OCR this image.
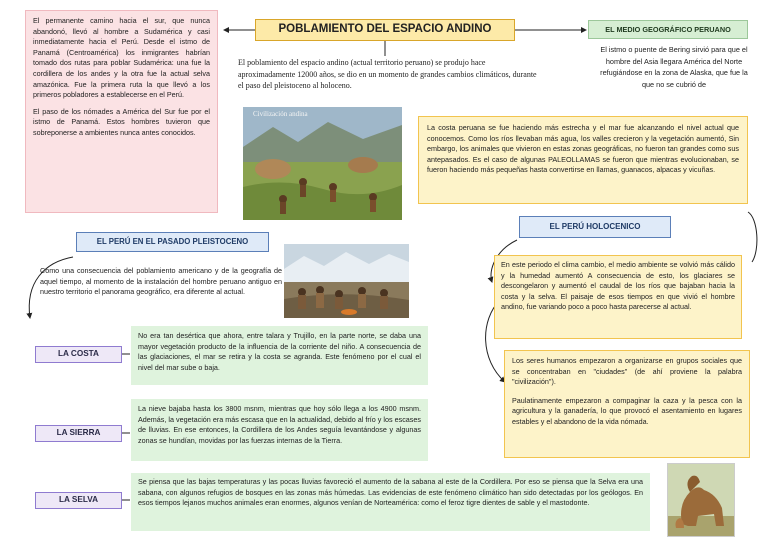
El permanente camino hacia el sur, que nunca abandonó, llevó al hombre a Sudamérica y casi inmediatamente hacia el Perú. Desde el istmo de Panamá (Centroamérica) los inmigrantes habrían tomado dos rutas para poblar Sudamérica: una fue la cordillera de los andes y la otra fue la actual selva amazónica. Fue la primera ruta la que llevó a los primeros pobladores a establecerse en el Perú.
El paso de los nómades a América del Sur fue por el istmo de Panamá. Estos hombres tuvieron que sobreponerse a ambientes nunca antes conocidos.
POBLAMIENTO DEL ESPACIO ANDINO
El poblamiento del espacio andino (actual territorio peruano) se produjo hace aproximadamente 12000 años, se dio en un momento de grandes cambios climáticos, durante el paso del pleistoceno al holoceno.
Civilización andina
EL MEDIO GEOGRÁFICO PERUANO
El istmo o puente de Bering sirvió para que el hombre del Asia llegara América del Norte refugiándose en la zona de Alaska, que fue la que no se cubrió de
La costa peruana se fue haciendo más estrecha y el mar fue alcanzando el nivel actual que conocemos. Como los ríos llevaban más agua, los valles crecieron y la vegetación aumentó, Sin embargo, los animales que vivieron en estas zonas geográficas, no fueron tan grandes como sus antepasados. Es el caso de algunas PALEOLLAMAS se fueron que mientras evolucionaban, se fueron haciendo más pequeñas hasta convertirse en llamas, guanacos, alpacas y vicuñas.
EL PERÚ EN EL PASADO PLEISTOCENO
Como una consecuencia del poblamiento americano y de la geografía de aquel tiempo, al momento de la instalación del hombre peruano antiguo en nuestro territorio el panorama geográfico, era diferente al actual.
EL PERÚ HOLOCENICO
En este periodo el clima cambio, el medio ambiente se volvió más cálido y la humedad aumentó A consecuencia de esto, los glaciares se descongelaron y aumentó el caudal de los ríos que bajaban hacia la costa y la selva. El paisaje de esos tiempos en que vivió el hombre andino, fue variando poco a poco hasta parecerse al actual.
Los seres humanos empezaron a organizarse en grupos sociales que se concentraban en "ciudades" (de ahí proviene la palabra "civilización").
Paulatinamente empezaron a compaginar la caza y la pesca con la agricultura y la ganadería, lo que provocó el asentamiento en lugares estables y el abandono de la vida nómada.
LA COSTA
No era tan desértica que ahora, entre talara y Trujillo, en la parte norte, se daba una mayor vegetación producto de la influencia de la corriente del niño. A consecuencia de las glaciaciones, el mar se retira y la costa se agranda. Este fenómeno por el cual el nivel del mar sube o baja.
LA SIERRA
La nieve bajaba hasta los 3800 msnm, mientras que hoy sólo llega a los 4900 msnm. Además, la vegetación era más escasa que en la actualidad, debido al frío y los escases de lluvias. En ese entonces, la Cordillera de los Andes seguía levantándose y algunas zonas se hundían, movidas por las fuerzas internas de la Tierra.
LA SELVA
Se piensa que las bajas temperaturas y las pocas lluvias favoreció el aumento de la sabana al este de la Cordillera. Por eso se piensa que la Selva era una sabana, con algunos refugios de bosques en las zonas más húmedas. Las evidencias de este fenómeno climático han sido detectadas por los geólogos. En esos tiempos lejanos muchos animales eran enormes, algunos venían de Norteamérica: como el feroz tigre dientes de sable y el mastodonte.
